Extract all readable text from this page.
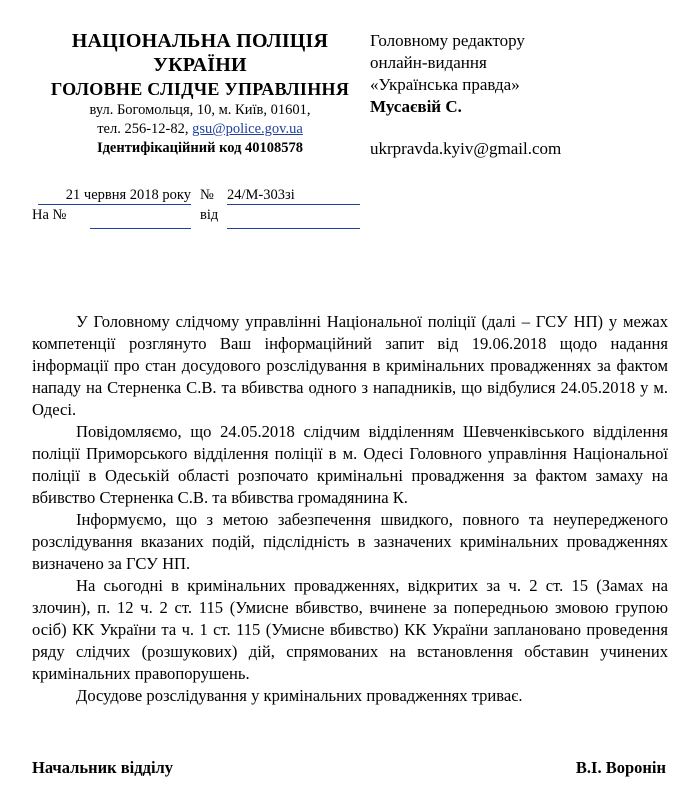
НАЦІОНАЛЬНА ПОЛІЦІЯ
УКРАЇНИ
ГОЛОВНЕ СЛІДЧЕ УПРАВЛІННЯ
вул. Богомольця, 10, м. Київ, 01601,
тел. 256-12-82, gsu@police.gov.ua
Ідентифікаційний код 40108578
Головному редактору
онлайн-видання
«Українська правда»
Мусаєвій С.
ukrpravda.kyiv@gmail.com
21 червня 2018 року № 24/М-303зі
На №	від

У Головному слідчому управлінні Національної поліції (далі – ГСУ НП) у межах компетенції розглянуто Ваш інформаційний запит від 19.06.2018 щодо надання інформації про стан досудового розслідування в кримінальних провадженнях за фактом нападу на Стерненка С.В. та вбивства одного з нападників, що відбулися 24.05.2018 у м. Одесі.

Повідомляємо, що 24.05.2018 слідчим відділенням Шевченківського відділення поліції Приморського відділення поліції в м. Одесі Головного управління Національної поліції в Одеській області розпочато кримінальні провадження за фактом замаху на вбивство Стерненка С.В. та вбивства громадянина К.

Інформуємо, що з метою забезпечення швидкого, повного та неупередженого розслідування вказаних подій, підслідність в зазначених кримінальних провадженнях визначено за ГСУ НП.

На сьогодні в кримінальних провадженнях, відкритих за ч. 2 ст. 15 (Замах на злочин), п. 12 ч. 2 ст. 115 (Умисне вбивство, вчинене за попередньою змовою групою осіб) КК України та ч. 1 ст. 115 (Умисне вбивство) КК України заплановано проведення ряду слідчих (розшукових) дій, спрямованих на встановлення обставин учинених кримінальних правопорушень.

Досудове розслідування у кримінальних провадженнях триває.

Начальник відділу	В.І. Воронін
